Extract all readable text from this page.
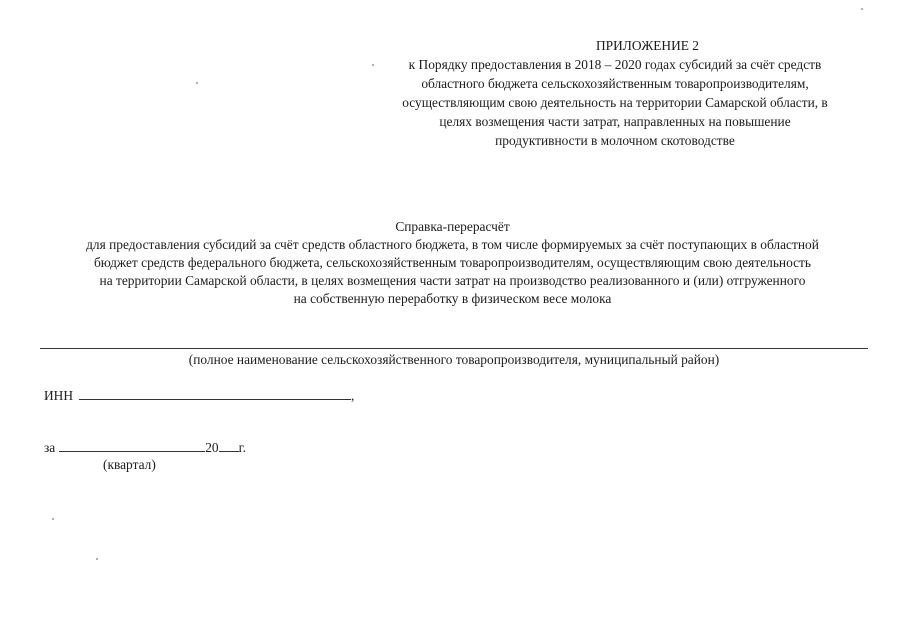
ПРИЛОЖЕНИЕ 2
к Порядку предоставления в 2018 – 2020 годах субсидий за счёт средств
областного бюджета сельскохозяйственным товаропроизводителям,
осуществляющим свою деятельность на территории Самарской области, в
целях возмещения части затрат, направленных на повышение
продуктивности в молочном скотоводстве
Справка-перерасчёт
для предоставления субсидий за счёт средств областного бюджета, в том числе формируемых за счёт поступающих в областной
бюджет средств федерального бюджета, сельскохозяйственным товаропроизводителям, осуществляющим свою деятельность
на территории Самарской области, в целях возмещения части затрат на производство реализованного и (или) отгруженного
на собственную переработку в физическом весе молока
(полное наименование сельскохозяйственного товаропроизводителя, муниципальный район)
ИНН	,
за	20 г.
(квартал)
